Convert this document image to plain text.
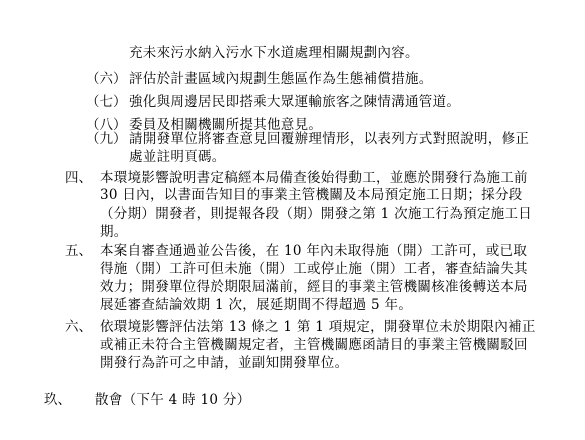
充未來污水納入污水下水道處理相關規劃內容。
（六） 評估於計畫區域內規劃生態區作為生態補償措施。
（七） 強化與周邊居民即搭乘大眾運輸旅客之陳情溝通管道。
（八） 委員及相關機關所提其他意見。
（九） 請開發單位將審查意見回覆辦理情形，以表列方式對照說明，修正
處並註明頁碼。
四、 本環境影響說明書定稿經本局備查後始得動工，並應於開發行為施工前
30 日內，以書面告知目的事業主管機關及本局預定施工日期；採分段
（分期）開發者，則提報各段（期）開發之第 1 次施工行為預定施工日
期。
五、 本案自審查通過並公告後，在 10 年內未取得施（開）工許可，或已取
得施（開）工許可但未施（開）工或停止施（開）工者，審查結論失其
效力；開發單位得於期限屆滿前，經目的事業主管機關核准後轉送本局
展延審查結論效期 1 次，展延期間不得超過 5 年。
六、 依環境影響評估法第 13 條之 1 第 1 項規定，開發單位未於期限內補正
或補正未符合主管機關規定者，主管機關應函請目的事業主管機關駁回
開發行為許可之申請，並副知開發單位。
玖、 散會（下午 4 時 10 分）
